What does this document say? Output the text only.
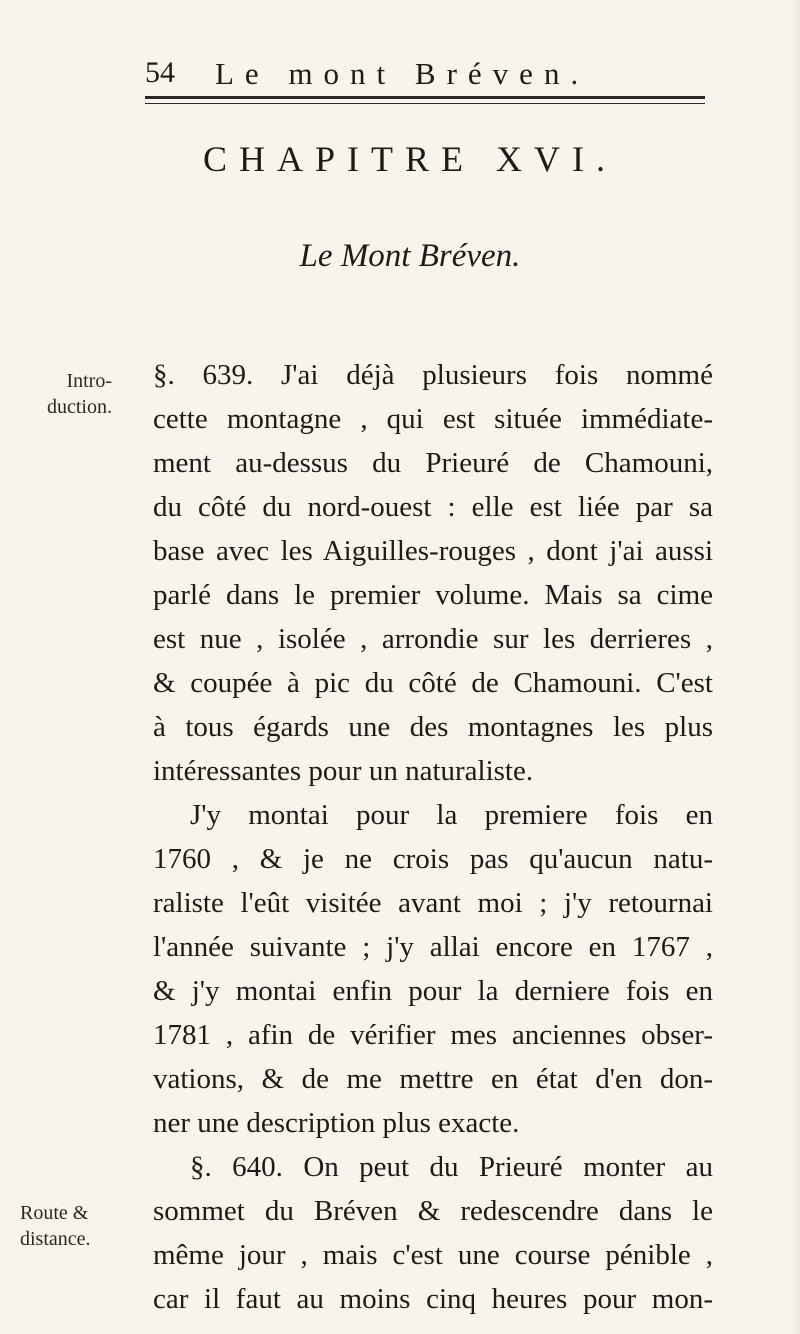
54 Le mont Bréven.
CHAPITRE XVI.
Le Mont Bréven.
Intro-
duction.
Route &
distance.
§. 639. J'ai déjà plusieurs fois nommé
cette montagne , qui est située immédiate-
ment au-dessus du Prieuré de Chamouni,
du côté du nord-ouest : elle est liée par sa
base avec les Aiguilles-rouges , dont j'ai aussi
parlé dans le premier volume. Mais sa cime
est nue , isolée , arrondie sur les derrieres ,
& coupée à pic du côté de Chamouni. C'est
à tous égards une des montagnes les plus
intéressantes pour un naturaliste.
J'y montai pour la premiere fois en
1760 , & je ne crois pas qu'aucun natu-
raliste l'eût visitée avant moi ; j'y retournai
l'année suivante ; j'y allai encore en 1767 ,
& j'y montai enfin pour la derniere fois en
1781 , afin de vérifier mes anciennes obser-
vations, & de me mettre en état d'en don-
ner une description plus exacte.
§. 640. On peut du Prieuré monter au
sommet du Bréven & redescendre dans le
même jour , mais c'est une course pénible ,
car il faut au moins cinq heures pour mon-
